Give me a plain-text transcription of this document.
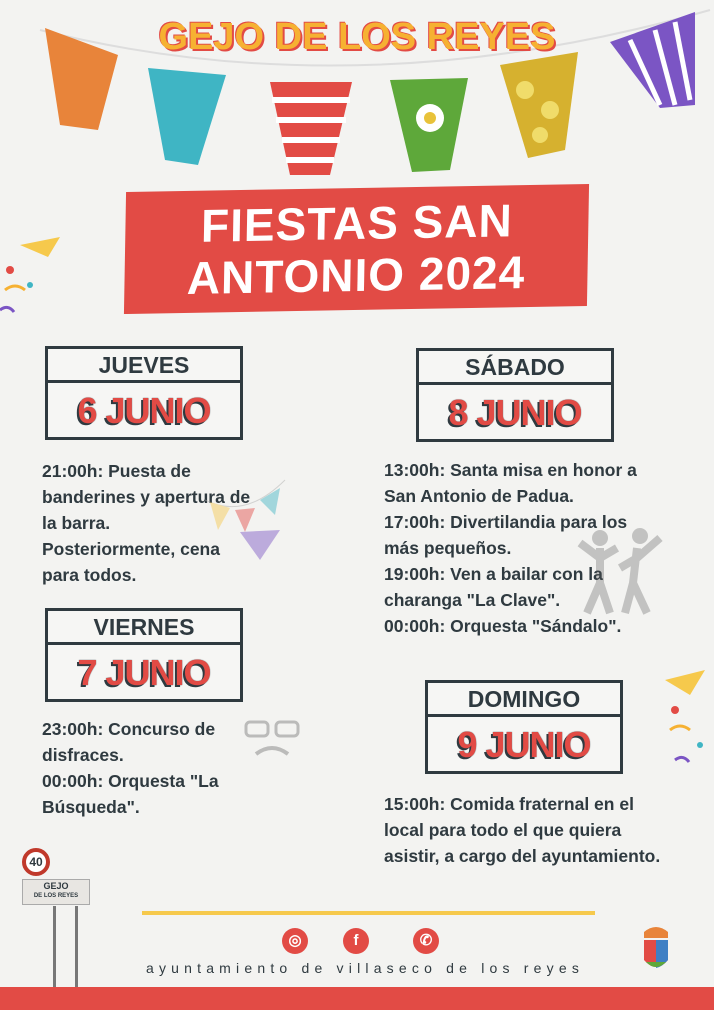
GEJO DE LOS REYES
FIESTAS SAN
ANTONIO 2024
JUEVES
6 JUNIO
21:00h: Puesta de
banderines y apertura de
la barra.
Posteriormente, cena
para todos.
VIERNES
7 JUNIO
23:00h: Concurso de
disfraces.
00:00h: Orquesta "La
Búsqueda".
SÁBADO
8 JUNIO
13:00h: Santa misa en honor a
San Antonio de Padua.
17:00h: Divertilandia para los
más pequeños.
19:00h: Ven a bailar con la
charanga "La Clave".
00:00h: Orquesta "Sándalo".
DOMINGO
9 JUNIO
15:00h: Comida fraternal en el
local para todo el que quiera
asistir, a cargo del ayuntamiento.
40
GEJO
DE LOS REYES
◎	f	✆
ayuntamiento de villaseco de los reyes
